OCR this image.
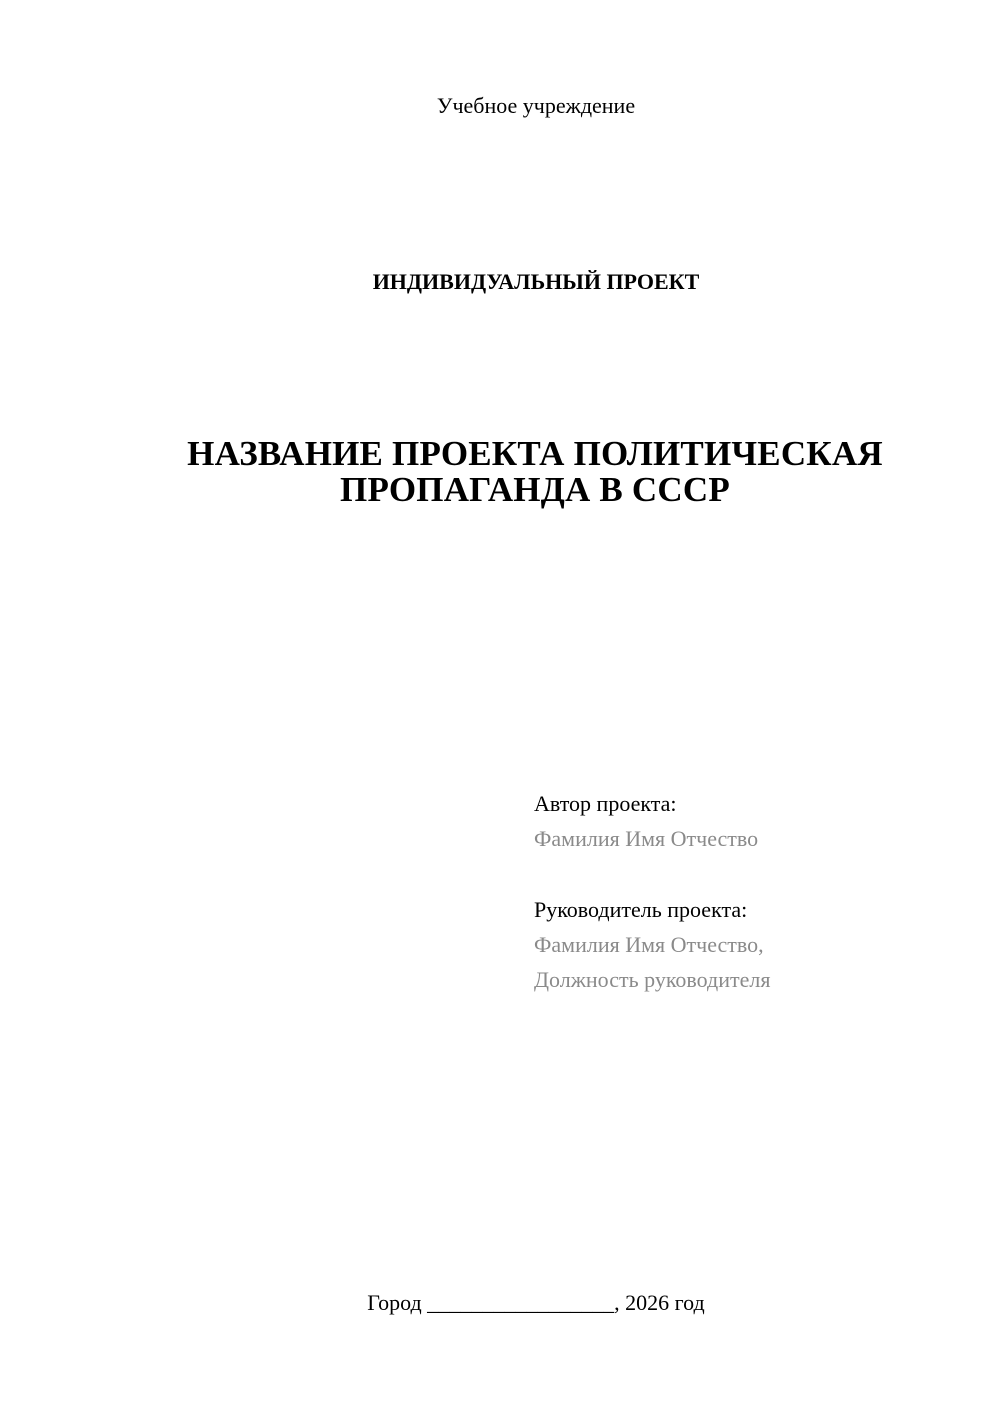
Учебное учреждение
ИНДИВИДУАЛЬНЫЙ ПРОЕКТ
НАЗВАНИЕ ПРОЕКТА ПОЛИТИЧЕСКАЯ
ПРОПАГАНДА В СССР
Автор проекта:
Фамилия Имя Отчество
Руководитель проекта:
Фамилия Имя Отчество,
Должность руководителя
Город _________________, 2026 год
